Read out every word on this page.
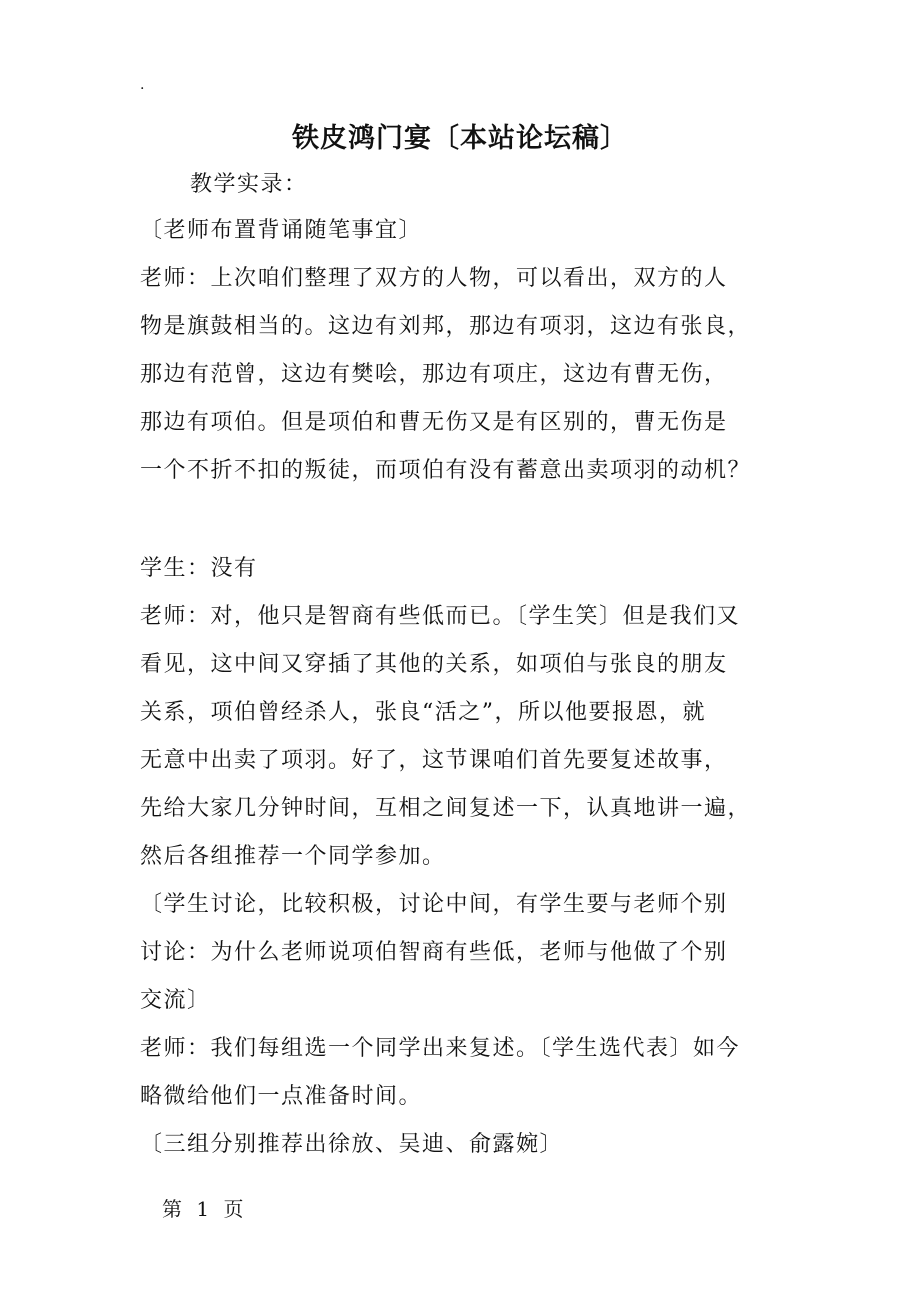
.
铁皮鸿门宴〔本站论坛稿〕
教学实录：
〔老师布置背诵随笔事宜〕
老师：上次咱们整理了双方的人物，可以看出，双方的人
物是旗鼓相当的。这边有刘邦，那边有项羽，这边有张良，
那边有范曾，这边有樊哙，那边有项庄，这边有曹无伤，
那边有项伯。但是项伯和曹无伤又是有区别的，曹无伤是
一个不折不扣的叛徒，而项伯有没有蓄意出卖项羽的动机？
学生：没有
老师：对，他只是智商有些低而已。〔学生笑〕但是我们又
看见，这中间又穿插了其他的关系，如项伯与张良的朋友
关系，项伯曾经杀人，张良“活之”，所以他要报恩，就
无意中出卖了项羽。好了，这节课咱们首先要复述故事，
先给大家几分钟时间，互相之间复述一下，认真地讲一遍，
然后各组推荐一个同学参加。
〔学生讨论，比较积极，讨论中间，有学生要与老师个别
讨论：为什么老师说项伯智商有些低，老师与他做了个别
交流〕
老师：我们每组选一个同学出来复述。〔学生选代表〕如今
略微给他们一点准备时间。
〔三组分别推荐出徐放、吴迪、俞露婉〕
第 1 页
